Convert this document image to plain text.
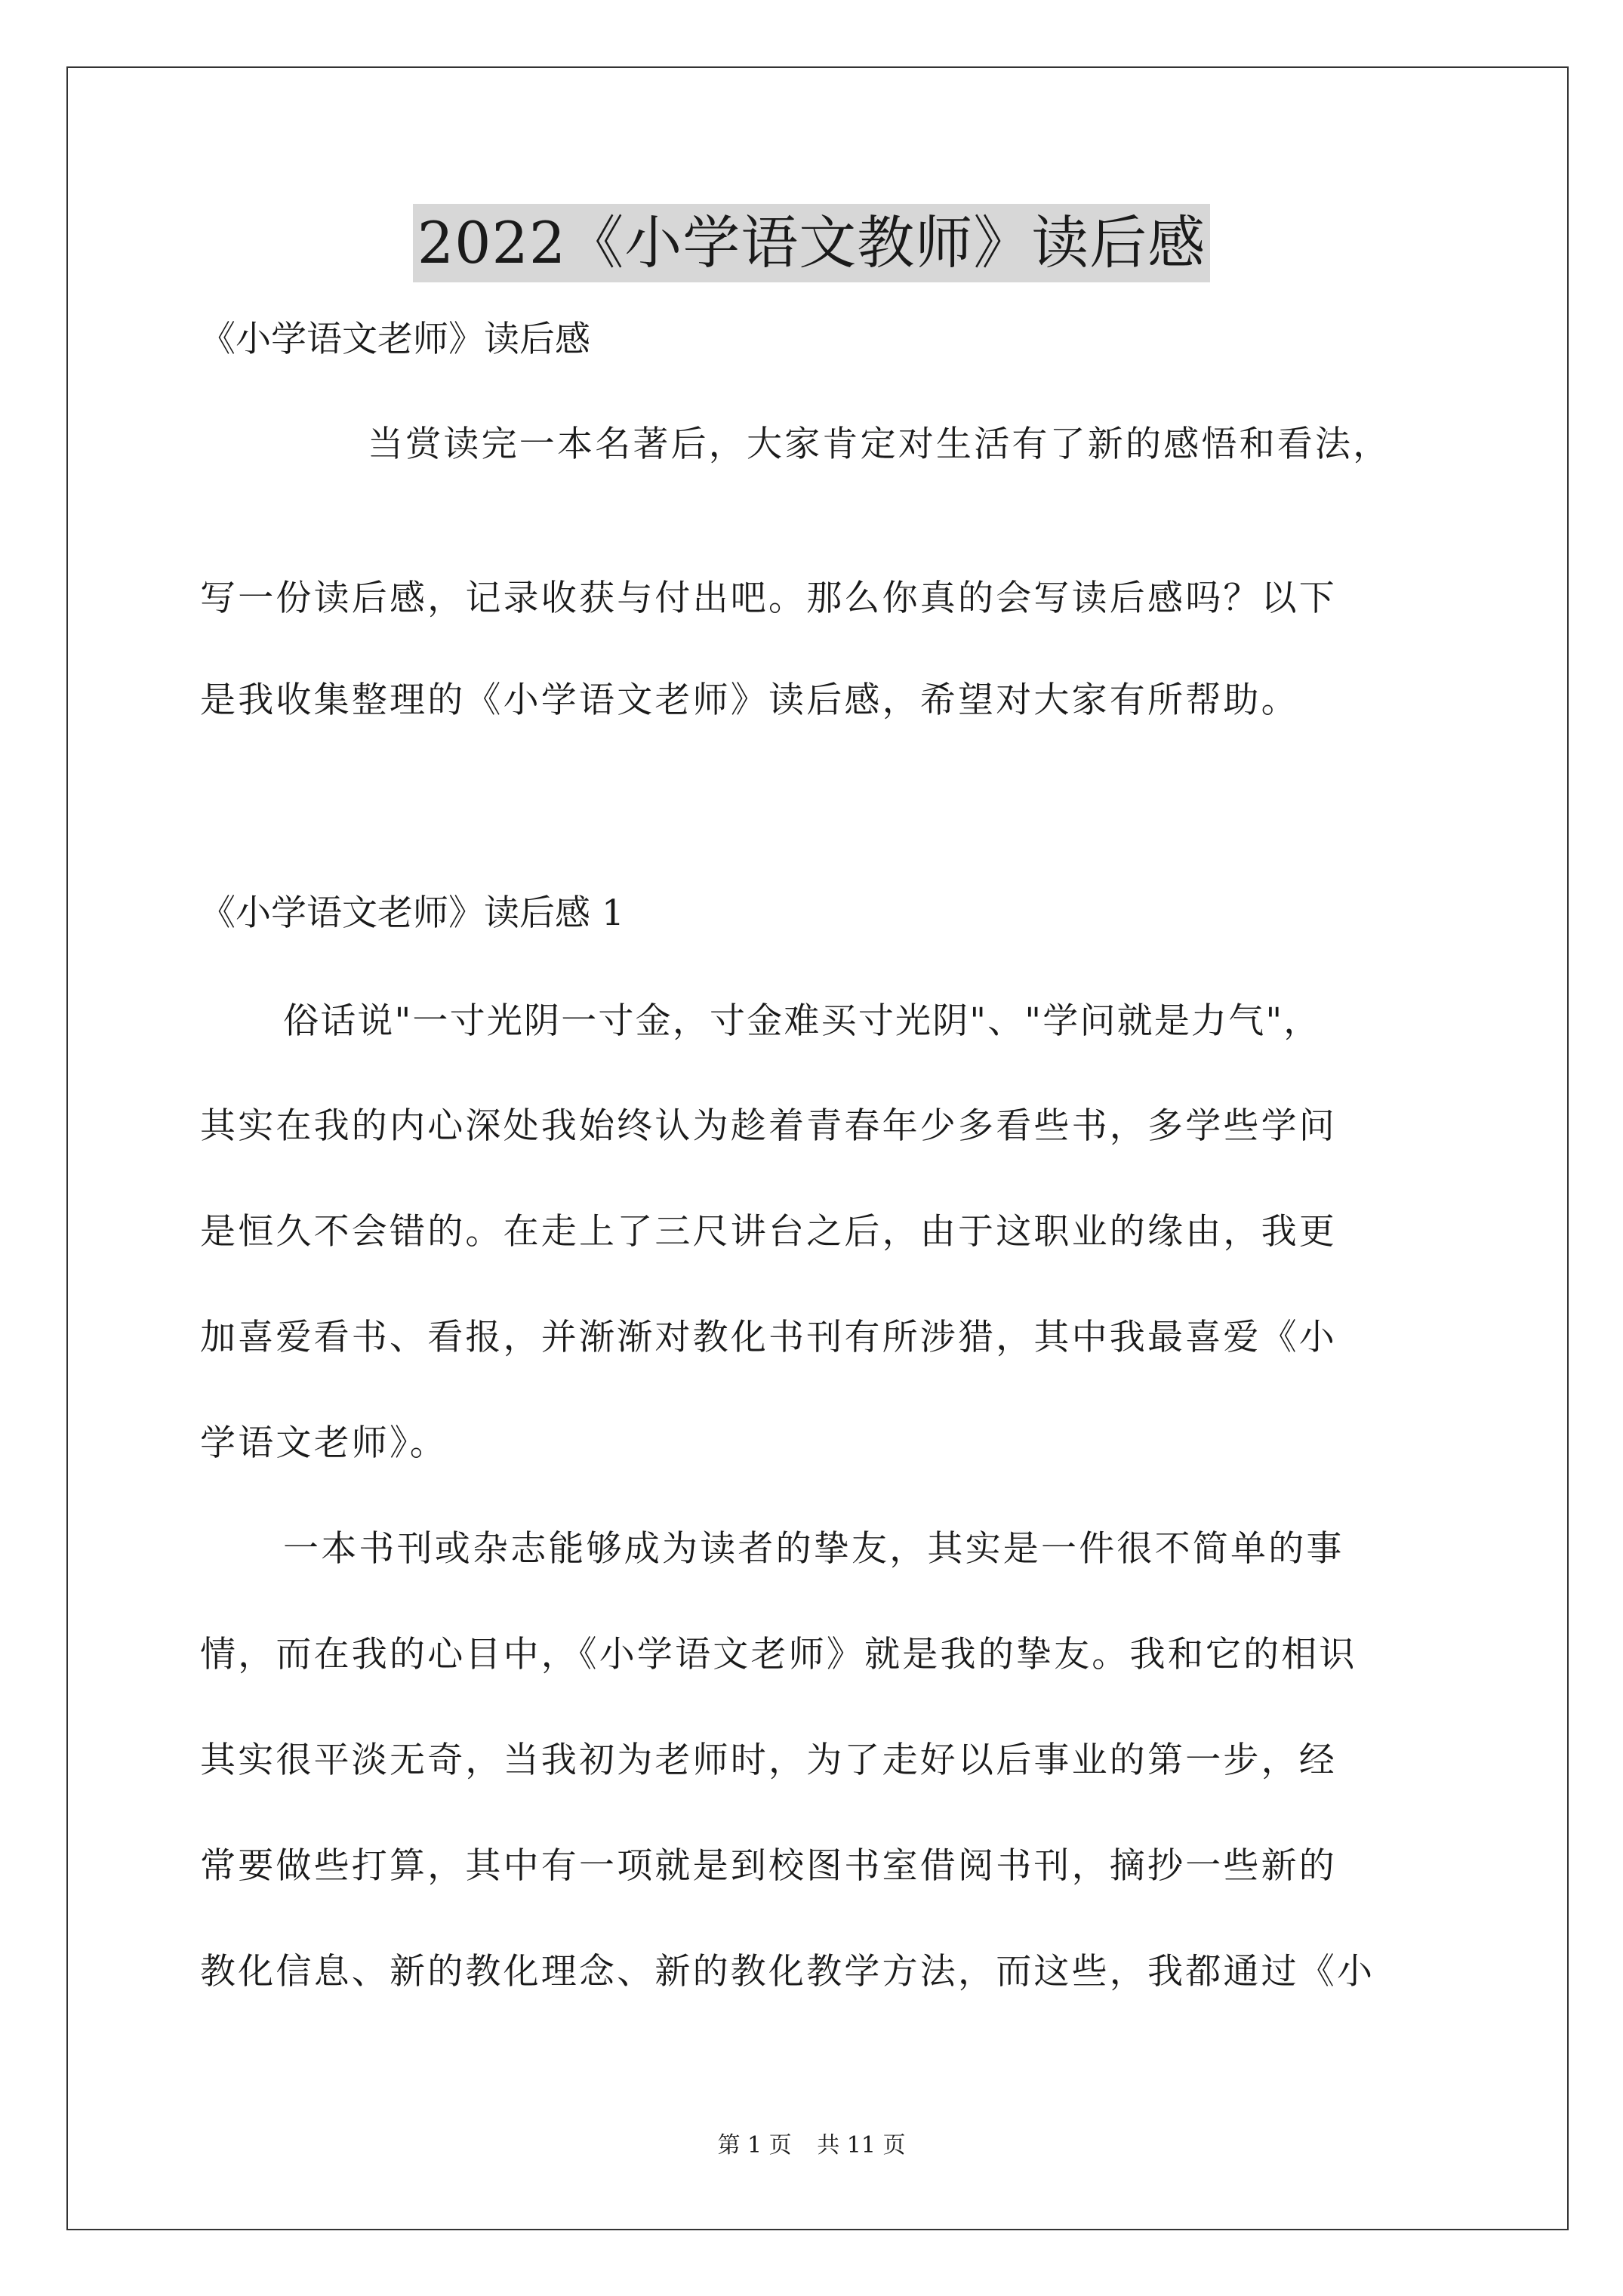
2022《小学语文教师》读后感
《小学语文老师》读后感
当赏读完一本名著后，大家肯定对生活有了新的感悟和看法，
写一份读后感，记录收获与付出吧。那么你真的会写读后感吗？以下
是我收集整理的《小学语文老师》读后感，希望对大家有所帮助。
《小学语文老师》读后感 1
俗话说"一寸光阴一寸金，寸金难买寸光阴"、"学问就是力气"，
其实在我的内心深处我始终认为趁着青春年少多看些书，多学些学问
是恒久不会错的。在走上了三尺讲台之后，由于这职业的缘由，我更
加喜爱看书、看报，并渐渐对教化书刊有所涉猎，其中我最喜爱《小
学语文老师》。
一本书刊或杂志能够成为读者的挚友，其实是一件很不简单的事
情，而在我的心目中，《小学语文老师》就是我的挚友。我和它的相识
其实很平淡无奇，当我初为老师时，为了走好以后事业的第一步，经
常要做些打算，其中有一项就是到校图书室借阅书刊，摘抄一些新的
教化信息、新的教化理念、新的教化教学方法，而这些，我都通过《小
第 1 页 共 11 页
